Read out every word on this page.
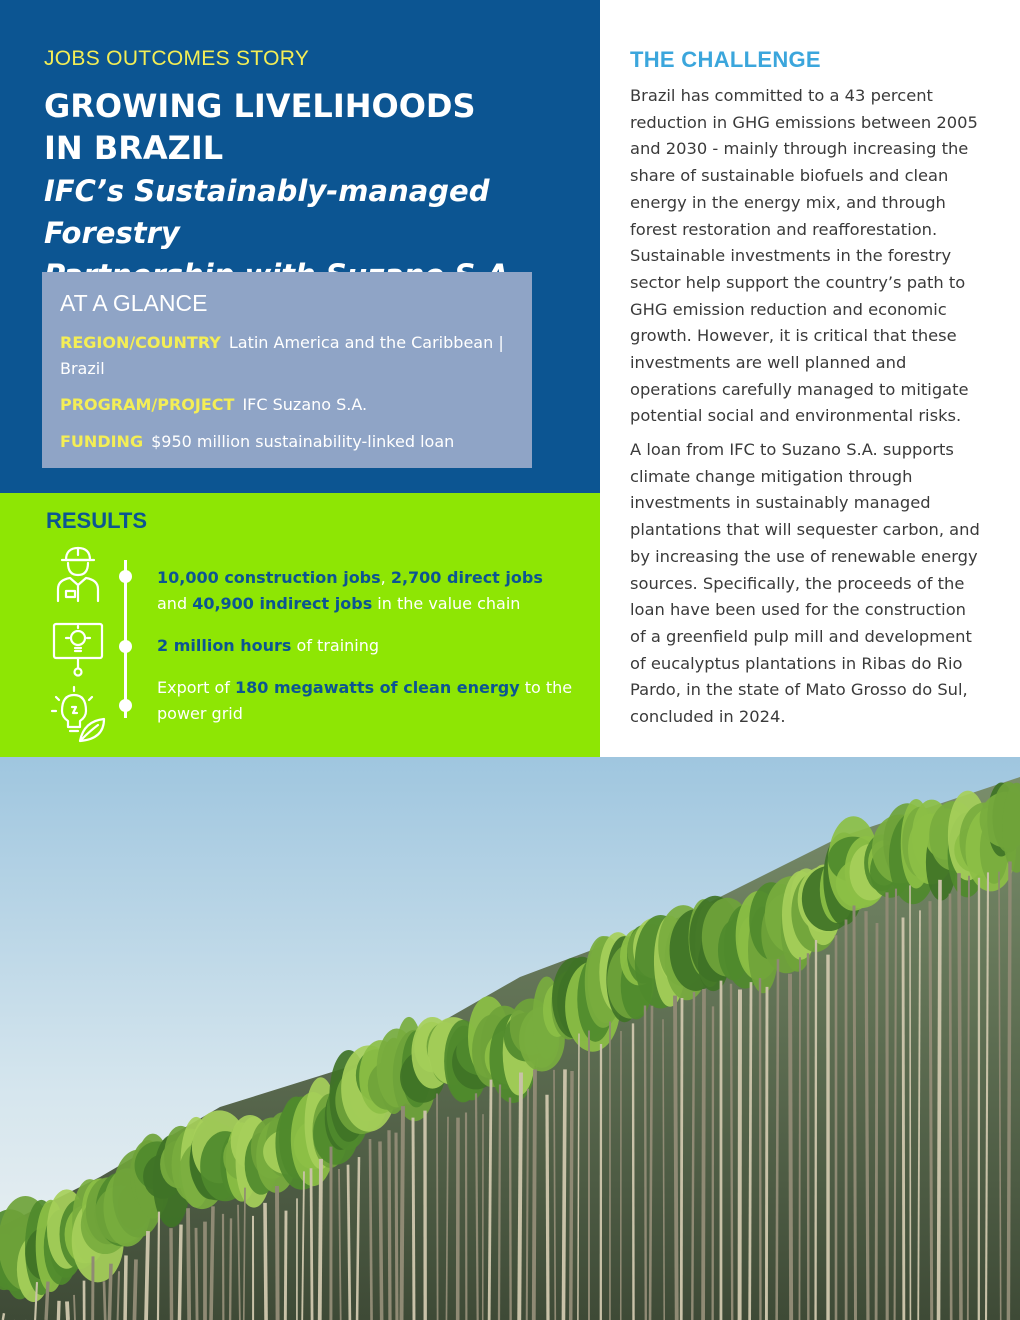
JOBS OUTCOMES STORY
GROWING LIVELIHOODS
IN BRAZIL
IFC’s Sustainably-managed Forestry

AT A GLANCE
REGION/COUNTRY Latin America and the Caribbean |
Brazil
PROGRAM/PROJECT IFC Suzano S.A.
FUNDING $950 million sustainability-linked loan
RESULTS
10,000 construction jobs, 2,700 direct jobs
and 40,900 indirect jobs in the value chain
2 million hours of training
Export of 180 megawatts of clean energy to the
power grid
THE CHALLENGE

Brazil has committed to a 43 percent reduction in GHG emissions between 2005 and 2030 - mainly through increasing the share of sustainable biofuels and clean energy in the energy mix, and through forest restoration and reafforestation. Sustainable investments in the forestry sector help support the country’s path to GHG emission reduction and economic growth. However, it is critical that these investments are well planned and operations carefully managed to mitigate potential social and environmental risks.

A loan from IFC to Suzano S.A. supports climate change mitigation through investments in sustainably managed plantations that will sequester carbon, and by increasing the use of renewable energy sources. Specifically, the proceeds of the loan have been used for the construction of a greenfield pulp mill and development of eucalyptus plantations in Ribas do Rio Pardo, in the state of Mato Grosso do Sul, concluded in 2024.
